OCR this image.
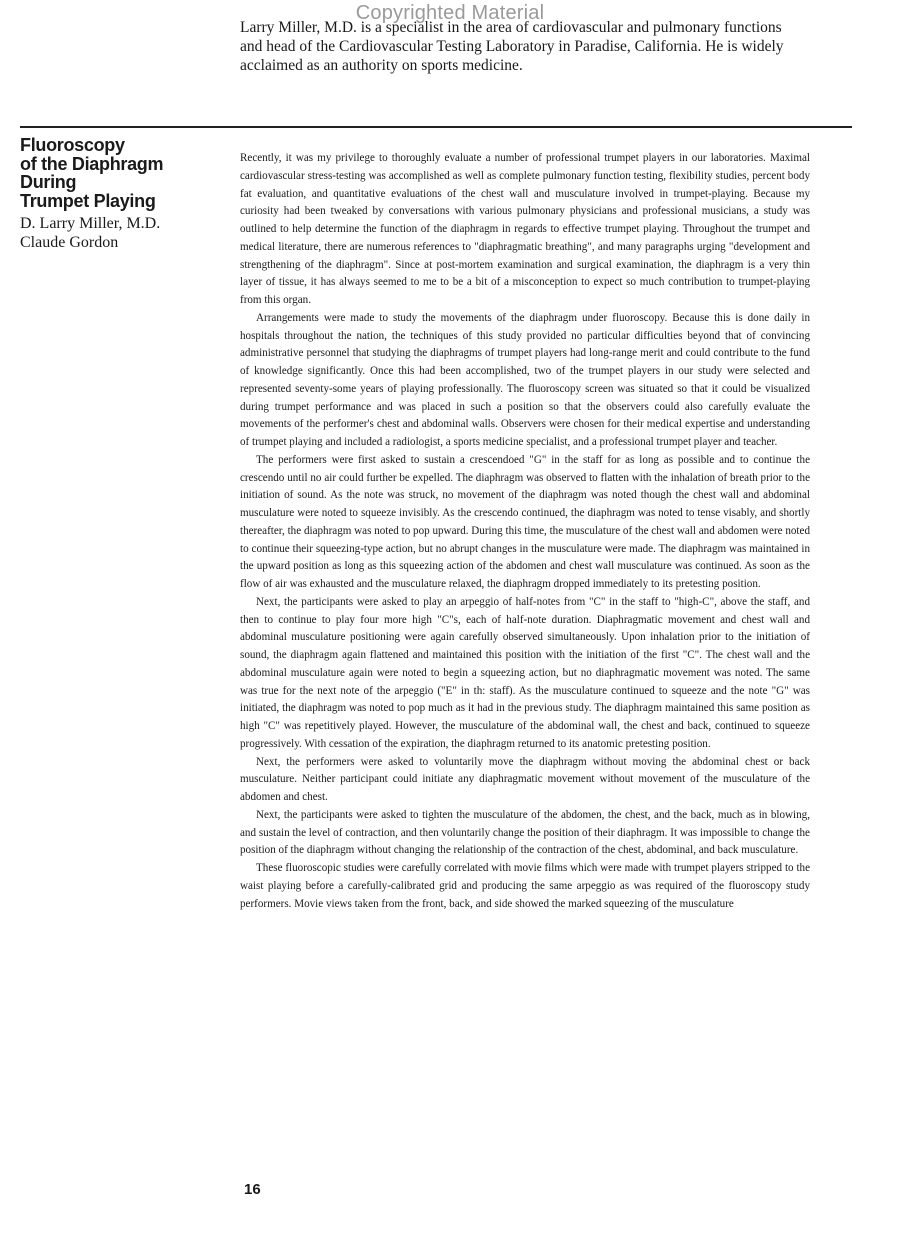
Copyrighted Material
Larry Miller, M.D. is a specialist in the area of cardiovascular and pulmonary functions and head of the Cardiovascular Testing Laboratory in Paradise, California. He is widely acclaimed as an authority on sports medicine.
Fluoroscopy
of the Diaphragm
During
Trumpet Playing
D. Larry Miller, M.D.
Claude Gordon

Recently, it was my privilege to thoroughly evaluate a number of professional trumpet players in our laboratories. Maximal cardiovascular stress-testing was accomplished as well as complete pulmonary function testing, flexibility studies, percent body fat evaluation, and quantitative evaluations of the chest wall and musculature involved in trumpet-playing. Because my curiosity had been tweaked by conversations with various pulmonary physicians and professional musicians, a study was outlined to help determine the function of the diaphragm in regards to effective trumpet playing. Throughout the trumpet and medical literature, there are numerous references to "diaphragmatic breathing", and many paragraphs urging "development and strengthening of the diaphragm". Since at post-mortem examination and surgical examination, the diaphragm is a very thin layer of tissue, it has always seemed to me to be a bit of a misconception to expect so much contribution to trumpet-playing from this organ.

Arrangements were made to study the movements of the diaphragm under fluoroscopy. Because this is done daily in hospitals throughout the nation, the techniques of this study provided no particular difficulties beyond that of convincing administrative personnel that studying the diaphragms of trumpet players had long-range merit and could contribute to the fund of knowledge significantly. Once this had been accomplished, two of the trumpet players in our study were selected and represented seventy-some years of playing professionally. The fluoroscopy screen was situated so that it could be visualized during trumpet performance and was placed in such a position so that the observers could also carefully evaluate the movements of the performer's chest and abdominal walls. Observers were chosen for their medical expertise and understanding of trumpet playing and included a radiologist, a sports medicine specialist, and a professional trumpet player and teacher.

The performers were first asked to sustain a crescendoed "G" in the staff for as long as possible and to continue the crescendo until no air could further be expelled. The diaphragm was observed to flatten with the inhalation of breath prior to the initiation of sound. As the note was struck, no movement of the diaphragm was noted though the chest wall and abdominal musculature were noted to squeeze invisibly. As the crescendo continued, the diaphragm was noted to tense visably, and shortly thereafter, the diaphragm was noted to pop upward. During this time, the musculature of the chest wall and abdomen were noted to continue their squeezing-type action, but no abrupt changes in the musculature were made. The diaphragm was maintained in the upward position as long as this squeezing action of the abdomen and chest wall musculature was continued. As soon as the flow of air was exhausted and the musculature relaxed, the diaphragm dropped immediately to its pretesting position.

Next, the participants were asked to play an arpeggio of half-notes from "C" in the staff to "high-C", above the staff, and then to continue to play four more high "C"s, each of half-note duration. Diaphragmatic movement and chest wall and abdominal musculature positioning were again carefully observed simultaneously. Upon inhalation prior to the initiation of sound, the diaphragm again flattened and maintained this position with the initiation of the first "C". The chest wall and the abdominal musculature again were noted to begin a squeezing action, but no diaphragmatic movement was noted. The same was true for the next note of the arpeggio ("E" in th: staff). As the musculature continued to squeeze and the note "G" was initiated, the diaphragm was noted to pop much as it had in the previous study. The diaphragm maintained this same position as high "C" was repetitively played. However, the musculature of the abdominal wall, the chest and back, continued to squeeze progressively. With cessation of the expiration, the diaphragm returned to its anatomic pretesting position.

Next, the performers were asked to voluntarily move the diaphragm without moving the abdominal chest or back musculature. Neither participant could initiate any diaphragmatic movement without movement of the musculature of the abdomen and chest.

Next, the participants were asked to tighten the musculature of the abdomen, the chest, and the back, much as in blowing, and sustain the level of contraction, and then voluntarily change the position of their diaphragm. It was impossible to change the position of the diaphragm without changing the relationship of the contraction of the chest, abdominal, and back musculature.

These fluoroscopic studies were carefully correlated with movie films which were made with trumpet players stripped to the waist playing before a carefully-calibrated grid and producing the same arpeggio as was required of the fluoroscopy study performers. Movie views taken from the front, back, and side showed the marked squeezing of the musculature

16
